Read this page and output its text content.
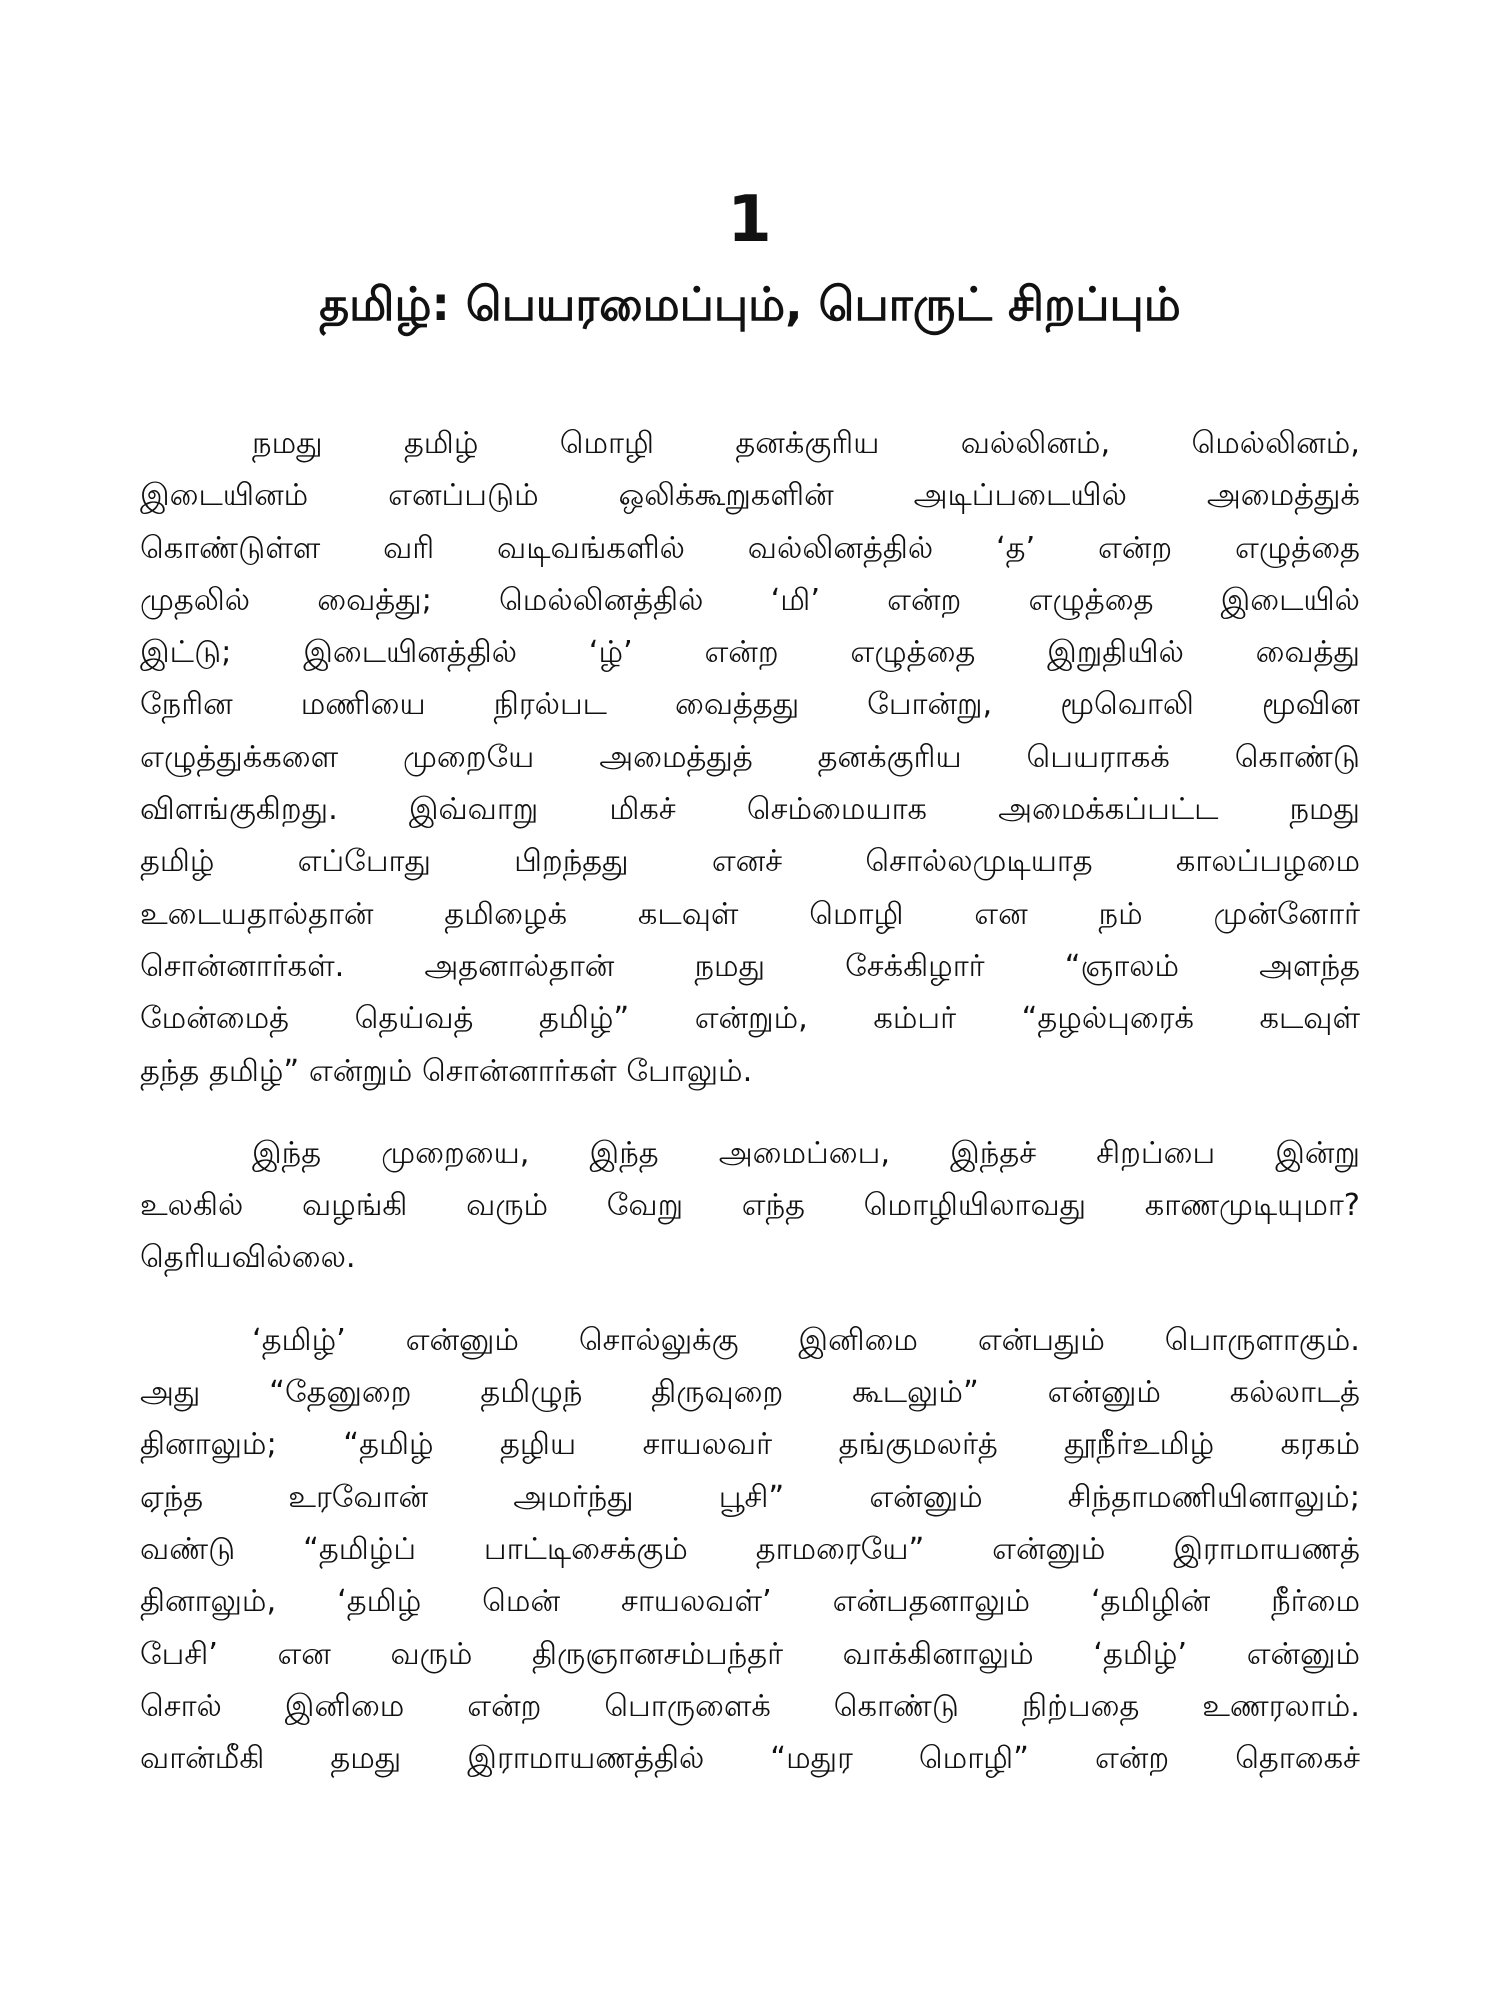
1
தமிழ்: பெயரமைப்பும், பொருட் சிறப்பும்
நமது தமிழ் மொழி தனக்குரிய வல்லினம், மெல்லினம்,
இடையினம் எனப்படும் ஒலிக்கூறுகளின் அடிப்படையில் அமைத்துக்
கொண்டுள்ள வரி வடிவங்களில் வல்லினத்தில் ‘த’ என்ற எழுத்தை
முதலில் வைத்து; மெல்லினத்தில் ‘மி’ என்ற எழுத்தை இடையில்
இட்டு; இடையினத்தில் ‘ழ்’ என்ற எழுத்தை இறுதியில் வைத்து
நேரின மணியை நிரல்பட வைத்தது போன்று, மூவொலி மூவின
எழுத்துக்களை முறையே அமைத்துத் தனக்குரிய பெயராகக் கொண்டு
விளங்குகிறது. இவ்வாறு மிகச் செம்மையாக அமைக்கப்பட்ட நமது
தமிழ் எப்போது பிறந்தது எனச் சொல்லமுடியாத காலப்பழமை
உடையதால்தான் தமிழைக் கடவுள் மொழி என நம் முன்னோர்
சொன்னார்கள். அதனால்தான் நமது சேக்கிழார் “ஞாலம் அளந்த
மேன்மைத் தெய்வத் தமிழ்” என்றும், கம்பர் “தழல்புரைக் கடவுள்
தந்த தமிழ்” என்றும் சொன்னார்கள் போலும்.
இந்த முறையை, இந்த அமைப்பை, இந்தச் சிறப்பை இன்று
உலகில் வழங்கி வரும் வேறு எந்த மொழியிலாவது காணமுடியுமா?
தெரியவில்லை.
‘தமிழ்’ என்னும் சொல்லுக்கு இனிமை என்பதும் பொருளாகும்.
அது “தேனுறை தமிழுந் திருவுறை கூடலும்” என்னும் கல்லாடத்
தினாலும்; “தமிழ் தழிய சாயலவர் தங்குமலர்த் தூநீர்உமிழ் கரகம்
ஏந்த உரவோன் அமர்ந்து பூசி” என்னும் சிந்தாமணியினாலும்;
வண்டு “தமிழ்ப் பாட்டிசைக்கும் தாமரையே” என்னும் இராமாயணத்
தினாலும், ‘தமிழ் மென் சாயலவள்’ என்பதனாலும் ‘தமிழின் நீர்மை
பேசி’ என வரும் திருஞானசம்பந்தர் வாக்கினாலும் ‘தமிழ்’ என்னும்
சொல் இனிமை என்ற பொருளைக் கொண்டு நிற்பதை உணரலாம்.
வான்மீகி தமது இராமாயணத்தில் “மதுர மொழி” என்ற தொகைச்
